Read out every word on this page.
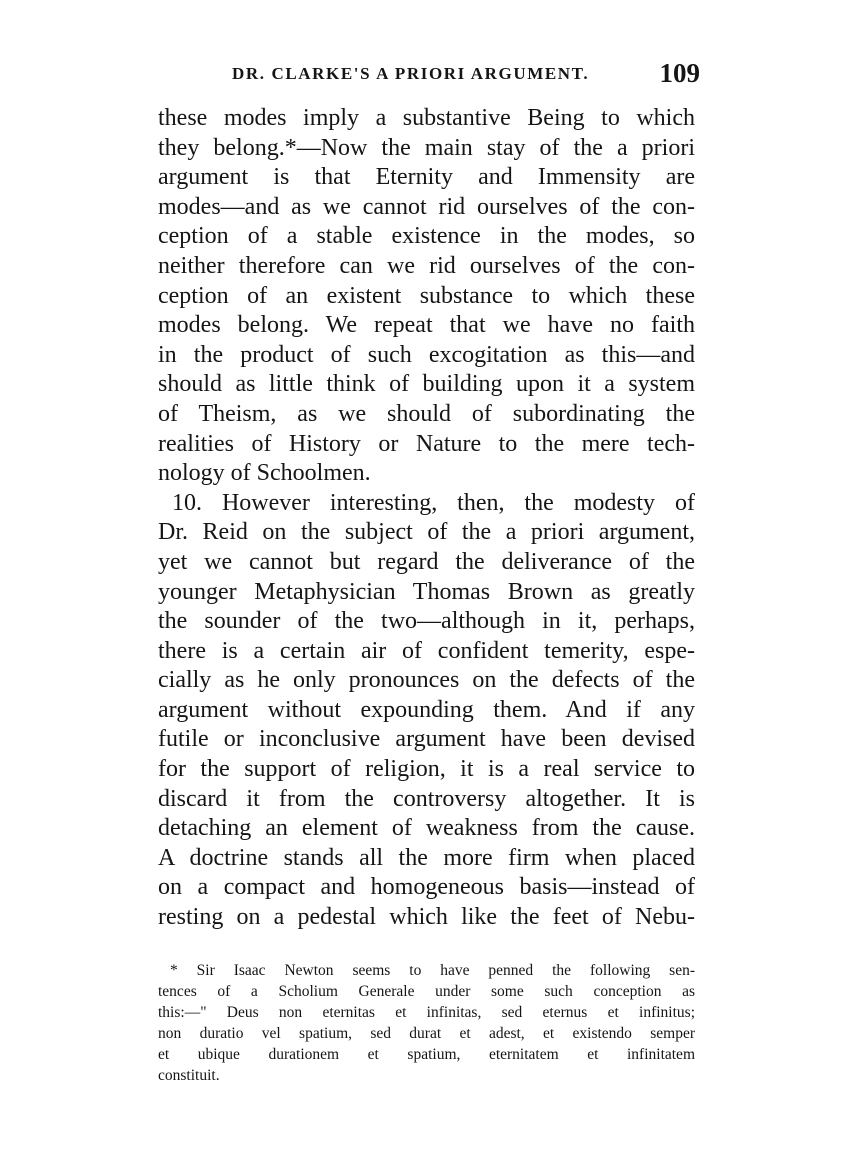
DR. CLARKE'S A PRIORI ARGUMENT.	109
these modes imply a substantive Being to which
they belong.*—Now the main stay of the a priori
argument is that Eternity and Immensity are
modes—and as we cannot rid ourselves of the con-
ception of a stable existence in the modes, so
neither therefore can we rid ourselves of the con-
ception of an existent substance to which these
modes belong. We repeat that we have no faith
in the product of such excogitation as this—and
should as little think of building upon it a system
of Theism, as we should of subordinating the
realities of History or Nature to the mere tech-
nology of Schoolmen.
10. However interesting, then, the modesty of
Dr. Reid on the subject of the a priori argument,
yet we cannot but regard the deliverance of the
younger Metaphysician Thomas Brown as greatly
the sounder of the two—although in it, perhaps,
there is a certain air of confident temerity, espe-
cially as he only pronounces on the defects of the
argument without expounding them. And if any
futile or inconclusive argument have been devised
for the support of religion, it is a real service to
discard it from the controversy altogether. It is
detaching an element of weakness from the cause.
A doctrine stands all the more firm when placed
on a compact and homogeneous basis—instead of
resting on a pedestal which like the feet of Nebu-
* Sir Isaac Newton seems to have penned the following sen-
tences of a Scholium Generale under some such conception as
this:—" Deus non eternitas et infinitas, sed eternus et infinitus;
non duratio vel spatium, sed durat et adest, et existendo semper
et ubique durationem et spatium, eternitatem et infinitatem
constituit.
